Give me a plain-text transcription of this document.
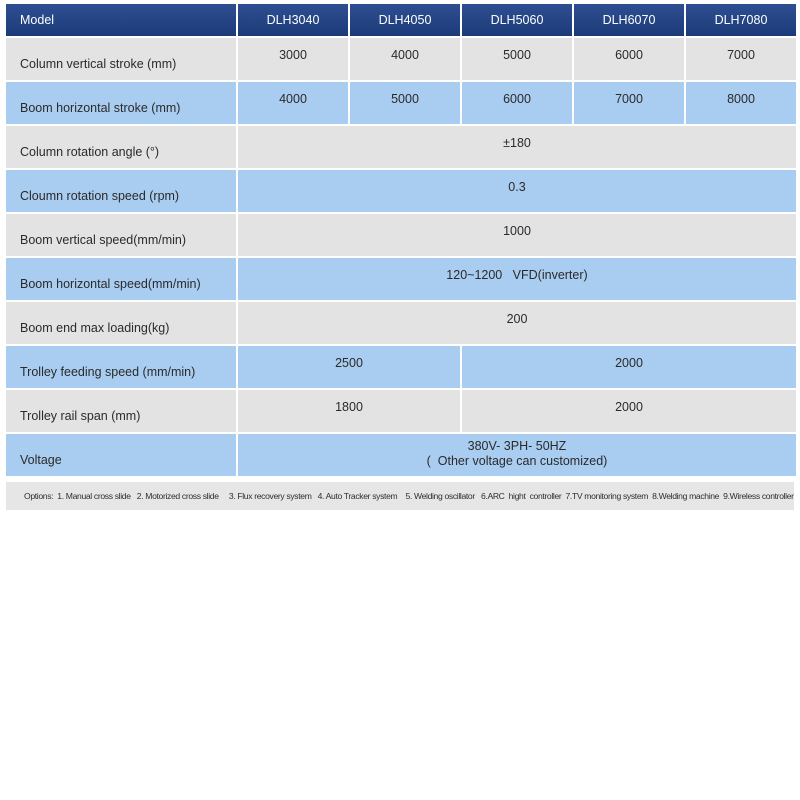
Model	DLH3040	DLH4050	DLH5060	DLH6070	DLH7080
Column vertical stroke (mm)	3000	4000	5000	6000	7000
Boom horizontal stroke (mm)	4000	5000	6000	7000	8000
Column rotation angle (°)	±180				
Cloumn rotation speed (rpm)	0.3				
Boom vertical speed(mm/min)	1000				
Boom horizontal speed(mm/min)	120~1200   VFD(inverter)				
Boom end max loading(kg)	200				
Trolley feeding speed (mm/min)	2500		2000		
Trolley rail span (mm)	1800		2000		
Voltage	380V- 3PH- 50HZ
(  Other voltage can customized)				
Options:  1. Manual cross slide   2. Motorized cross slide     3. Flux recovery system   4. Auto Tracker system    5. Welding oscillator   6.ARC  hight  controller  7.TV monitoring system  8.Welding machine  9.Wireless controller
